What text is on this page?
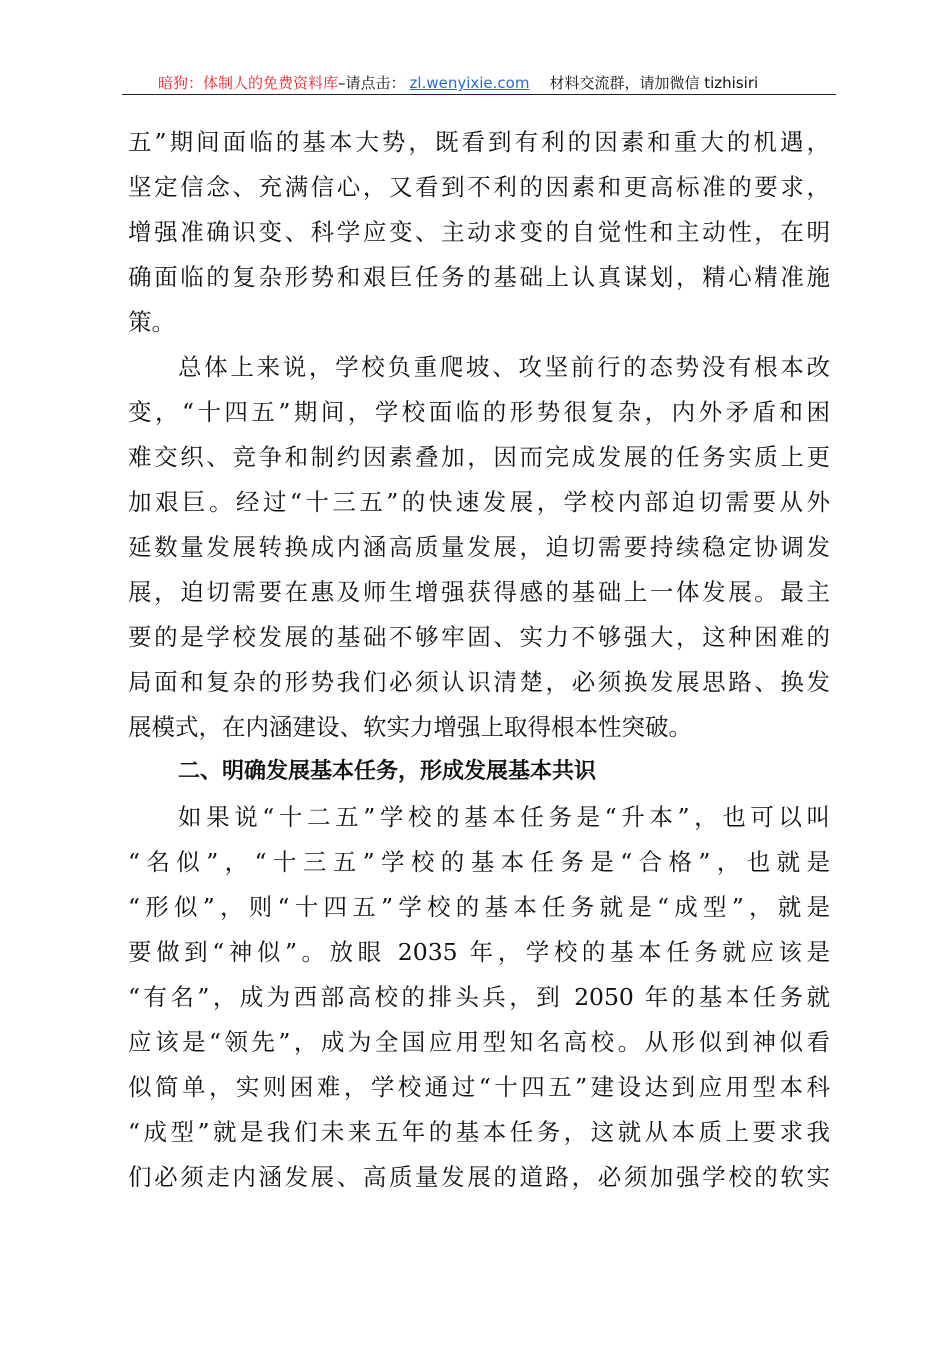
暗狗：体制人的免费资料库–请点击： zl.wenyixie.com 材料交流群，请加微信 tizhisiri
五”期间面临的基本大势，既看到有利的因素和重大的机遇，
坚定信念、充满信心，又看到不利的因素和更高标准的要求，
增强准确识变、科学应变、主动求变的自觉性和主动性，在明
确面临的复杂形势和艰巨任务的基础上认真谋划，精心精准施
策。
总体上来说，学校负重爬坡、攻坚前行的态势没有根本改
变，“十四五”期间，学校面临的形势很复杂，内外矛盾和困
难交织、竞争和制约因素叠加，因而完成发展的任务实质上更
加艰巨。经过“十三五”的快速发展，学校内部迫切需要从外
延数量发展转换成内涵高质量发展，迫切需要持续稳定协调发
展，迫切需要在惠及师生增强获得感的基础上一体发展。最主
要的是学校发展的基础不够牢固、实力不够强大，这种困难的
局面和复杂的形势我们必须认识清楚，必须换发展思路、换发
展模式，在内涵建设、软实力增强上取得根本性突破。
二、明确发展基本任务，形成发展基本共识
如果说“十二五”学校的基本任务是“升本”，也可以叫
“名似”，“十三五”学校的基本任务是“合格”，也就是
“形似”，则“十四五”学校的基本任务就是“成型”，就是
要做到“神似”。放眼 2035 年，学校的基本任务就应该是
“有名”，成为西部高校的排头兵，到 2050 年的基本任务就
应该是“领先”，成为全国应用型知名高校。从形似到神似看
似简单，实则困难，学校通过“十四五”建设达到应用型本科
“成型”就是我们未来五年的基本任务，这就从本质上要求我
们必须走内涵发展、高质量发展的道路，必须加强学校的软实
